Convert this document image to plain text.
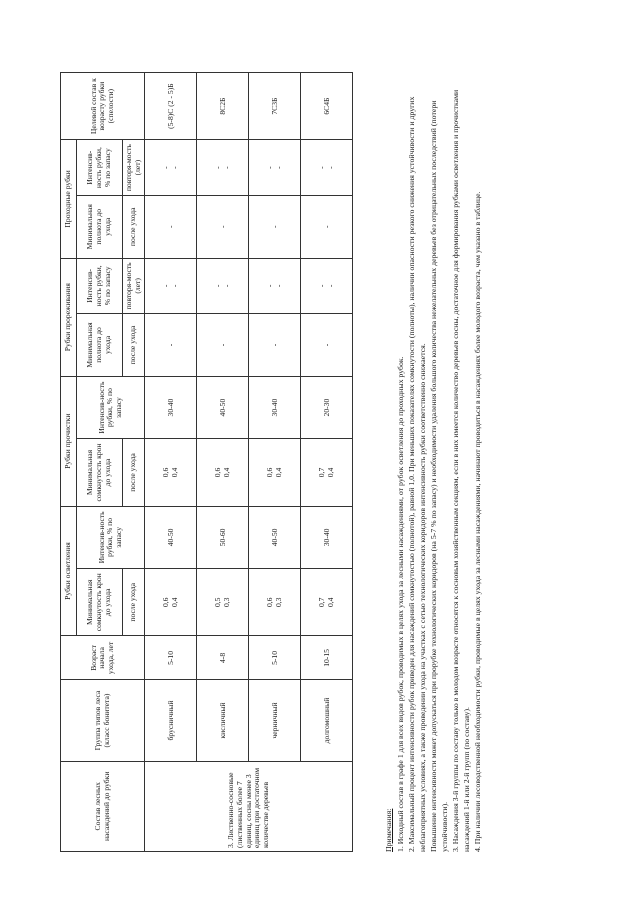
Состав лесных насаждений до рубки	Группа типов леса (класс бонитета)	Возраст начала ухода, лет	Рубки осветления		Рубки прочистки		Рубки прореживания		Проходные рубки		Целевой состав к возрасту рубки (спелости)
			Минимальная сомкнутость крон до ухода	Интенсив-ность рубки, % по запасу	Минимальная сомкнутость крон до ухода	Интенсив-ность рубки, % по запасу	Минимальная полнота до ухода	Интенсив-ность рубки, % по запасу	Минимальная полнота до ухода	Интенсив-ность рубки, % по запасу	
			после ухода		после ухода		после ухода	повторя-мость (лет)	после ухода	повторя-мость (лет)	
3. Лиственно-сосновые (лиственных более 7 единиц, сосны менее 3 единиц при достаточном количестве деревьев	брусничный	5-10	0,6 0,4	40-50	0,6 0,4	30-40	-	- -	-	- -	(5-8)С (2 - 5)Б
	кисличный	4-8	0,5 0,3	50-60	0,6 0,4	40-50	-	- -	-	- -	8С2Б
	черничный	5-10	0,6 0,3	40-50	0,6 0,4	30-40	-	- -	-	- -	7С3Б
	долгомошный	10-15	0,7 0,4	30-40	0,7 0,4	20-30	-	- -	-	- -	6С4Б

Примечания: 1. Исходный состав в графе 1 для всех видов рубок, проводимых в целях ухода за лесными насаждениями, от рубок осветления до проходных рубок. 2. Максимальный процент интенсивности рубок приведен для насаждений сомкнутостью (полнотой), равной 1,0. При меньших показателях сомкнутости (полноты), наличии опасности резкого снижения устойчивости и других неблагоприятных условиях, а также проведении ухода на участках с сетью технологических коридоров интенсивность рубки соответственно снижается. Повышение интенсивности может допускаться при прорубке технологических коридоров (на 5-7 % по запасу) и необходимости удаления большого количества нежелательных деревьев без отрицательных последствий (потери устойчивости). 3. Насаждения 3-й группы по составу только в молодом возрасте относятся к сосновым хозяйственным секциям, если в них имеется количество деревьев сосны, достаточное для формирования рубками осветления и прочистками насаждений 1-й или 2-й групп (по составу). 4. При наличии лесоводственной необходимости рубки, проводимые в целях ухода за лесными насаждениями, начинают проводиться в насаждениях более молодого возраста, чем указано в таблице.
